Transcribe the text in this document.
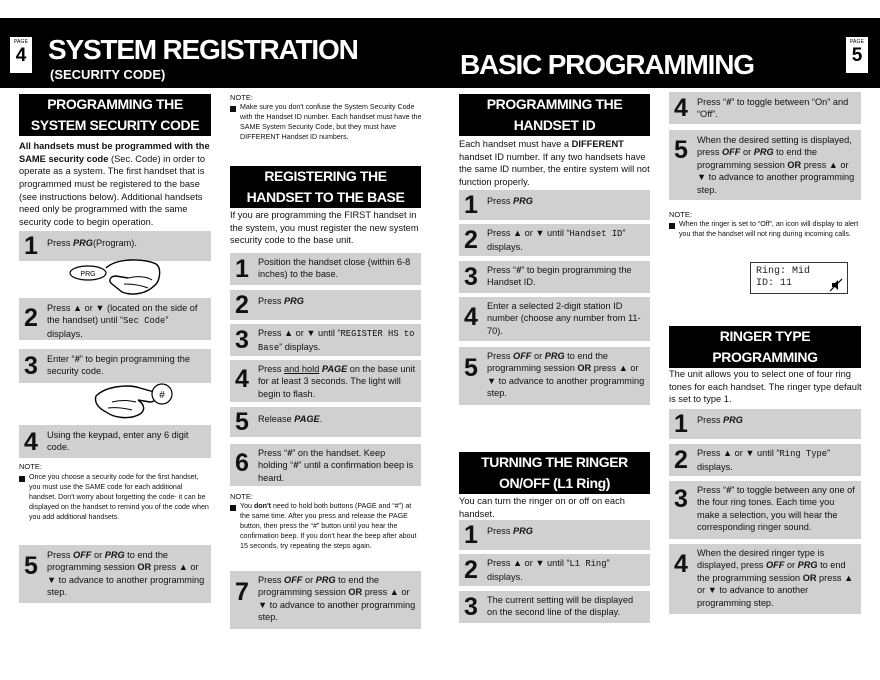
PAGE
4 SYSTEM REGISTRATION
(SECURITY CODE)	BASIC PROGRAMMING
PAGE
5
PROGRAMMING THE
SYSTEM SECURITY CODE
All handsets must be programmed with the SAME security code (Sec. Code) in order to operate as a system. The first handset that is programmed must be registered to the base (see instructions below). Additional handsets need only be programmed with the same security code to begin operation.
1 Press PRG(Program).
PRG
2 Press ▲ or ▼ (located on the side of the handset) until “Sec Code” displays.
3 Enter “#” to begin programming the security code.
#
4 Using the keypad, enter any 6 digit code.
NOTE:
Once you choose a security code for the first handset, you must use the SAME code for each additional handset. Don't worry about forgetting the code- it can be displayed on the handset to remind you of the code when you add additional handsets.
5 Press OFF or PRG to end the programming session OR press ▲ or ▼ to advance to another programming step.
NOTE:
Make sure you don't confuse the System Security Code with the Handset ID number. Each handset must have the SAME System Security Code, but they must have DIFFERENT Handset ID numbers.
REGISTERING THE
HANDSET TO THE BASE
If you are programming the FIRST handset in the system, you must register the new system security code to the base unit.
1 Position the handset close (within 6-8 inches) to the base.
2 Press PRG
3 Press ▲ or ▼ until “REGISTER HS to Base” displays.
4 Press and hold PAGE on the base unit for at least 3 seconds. The light will begin to flash.
5 Release PAGE.
6 Press “#” on the handset. Keep holding “#” until a confirmation beep is heard.
NOTE:
You don't need to hold both buttons (PAGE and “#”) at the same time. After you press and release the PAGE button, then press the “#” button until you hear the confirmation beep. If you don't hear the beep after about 15 seconds, try repeating the steps again.
7 Press OFF or PRG to end the programming session OR press ▲ or ▼ to advance to another programming step.
PROGRAMMING THE
HANDSET ID
Each handset must have a DIFFERENT handset ID number. If any two handsets have the same ID number, the entire system will not function properly.
1 Press PRG
2 Press ▲ or ▼ until “Handset ID” displays.
3 Press “#” to begin programming the Handset ID.
4 Enter a selected 2-digit station ID number (choose any number from 11-70).
5 Press OFF or PRG to end the programming session OR press ▲ or ▼ to advance to another programming step.
TURNING THE RINGER
ON/OFF (L1 Ring)
You can turn the ringer on or off on each handset.
1 Press PRG
2 Press ▲ or ▼ until “L1 Ring” displays.
3 The current setting will be displayed on the second line of the display.
4 Press “#” to toggle between “On” and “Off”.
5 When the desired setting is displayed, press OFF or PRG to end the programming session OR press ▲ or ▼ to advance to another programming step.
NOTE:
When the ringer is set to “Off”, an icon will display to alert you that the handset will not ring during incoming calls.
Ring: Mid
ID: 11
RINGER TYPE
PROGRAMMING
The unit allows you to select one of four ring tones for each handset. The ringer type default is set to type 1.
1 Press PRG
2 Press ▲ or ▼ until “Ring Type” displays.
3 Press “#” to toggle between any one of the four ring tones. Each time you make a selection, you will hear the corresponding ringer sound.
4 When the desired ringer type is displayed, press OFF or PRG to end the programming session OR press ▲ or ▼ to advance to another programming step.
